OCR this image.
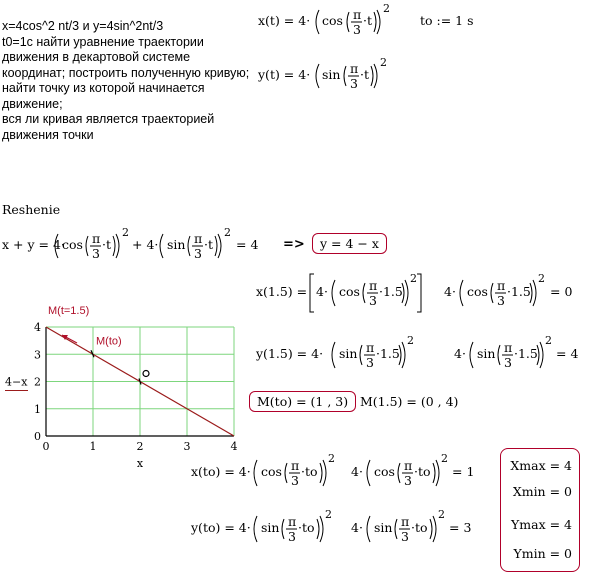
x=4cos^2 nt/3 и y=4sin^2nt/3
t0=1c найти уравнение траектории движения в декартовой системе координат; построить полученную кривую; найти точку из которой начинается движение;
вся ли кривая является траекторией движения точки
x(t) = 4· cos π
3
·t
2
y(t) = 4· sin π
3
·t
2
to := 1 s
Reshenie
x + y = 4·
cos π
3
·t
2
+ 4· sin π
3
·t
2
= 4 =>	y = 4 − x
x(1.5) = 4· cos π
3
·1.5
2
4· cos π
3
·1.5
2
= 0
y(1.5) = 4· sin π
3
·1.5
2
4· sin π
3
·1.5
2
= 4
M(to) = (1 , 3) M(1.5) = (0 , 4)
0	1	2	3	4
0
1
2
3
4
x
4−x
M(to)
M(t=1.5)
x(to) = 4· cos π
3
·to
2
4· cos π
3
·to
2
= 1
y(to) = 4· sin π
3
·to
2
4· sin π
3
·to
2
= 3
Xmax = 4
Xmin = 0
Ymax = 4
Ymin = 0
